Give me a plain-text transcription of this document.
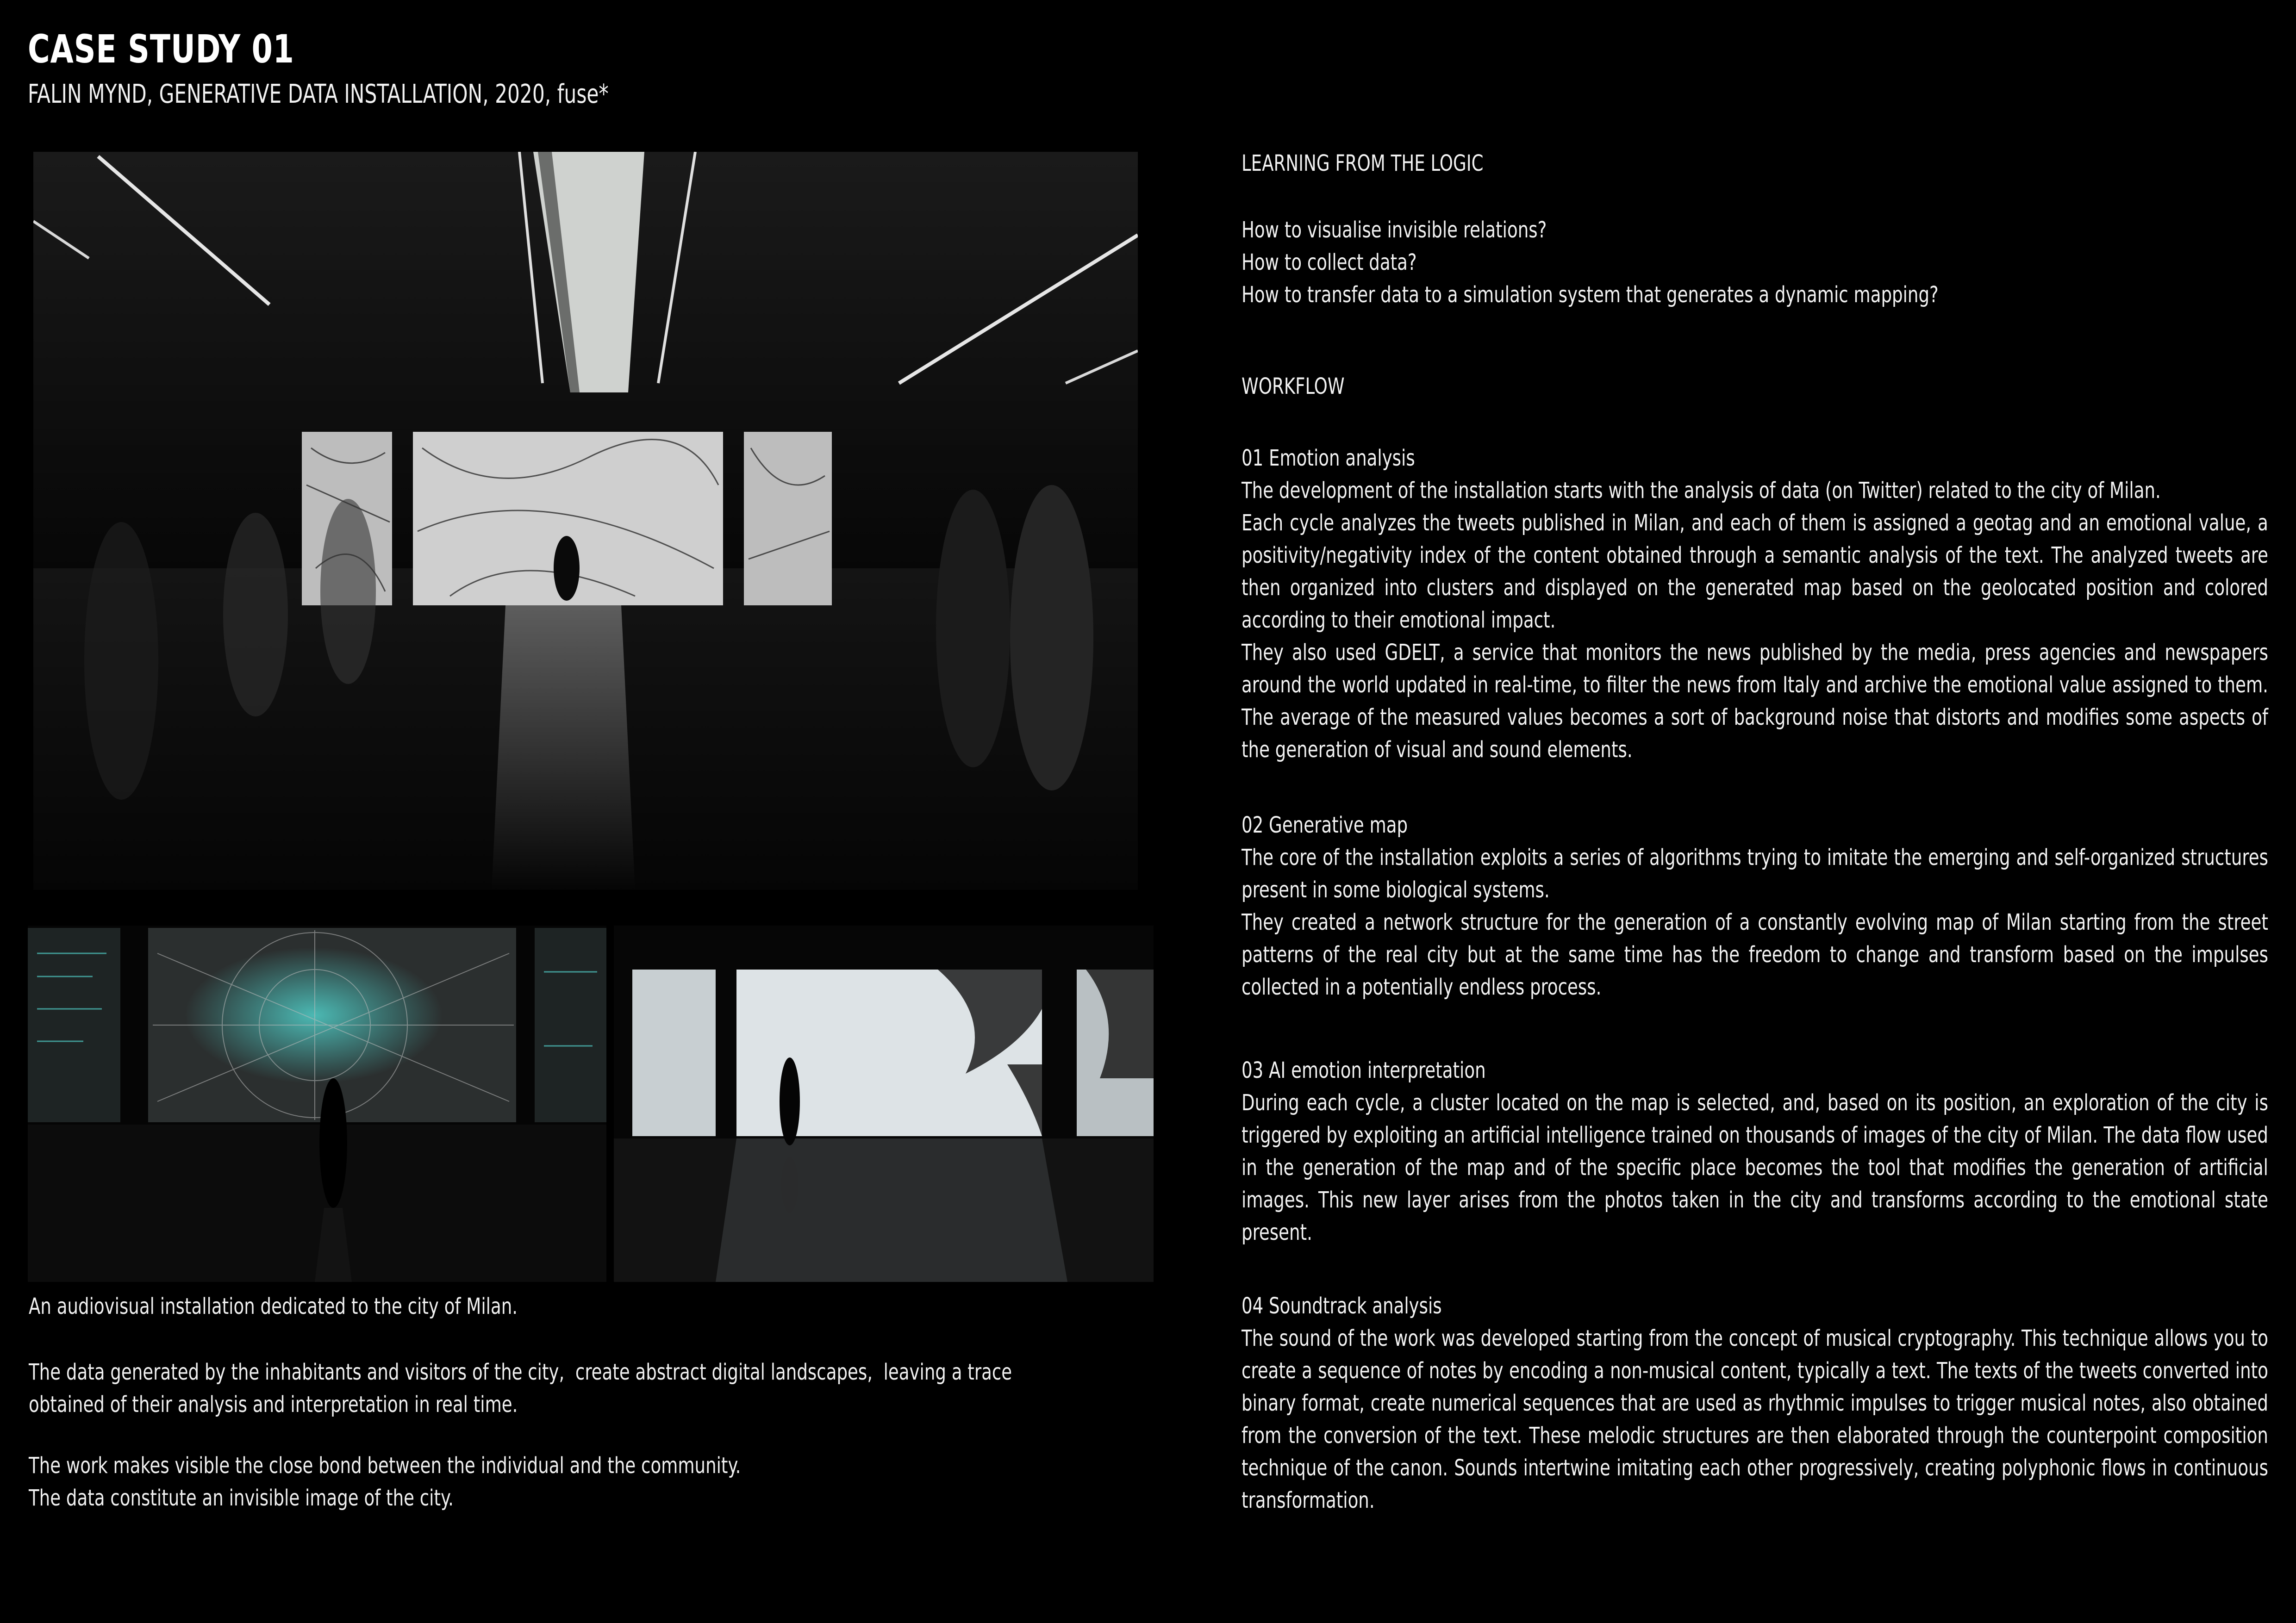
CASE STUDY 01
FALIN MYND, GENERATIVE DATA INSTALLATION, 2020, fuse*

An audiovisual installation dedicated to the city of Milan.

The data generated by the inhabitants and visitors of the city,  create abstract digital landscapes,  leaving a trace

obtained of their analysis and interpretation in real time.

The work makes visible the close bond between the individual and the community.

The data constitute an invisible image of the city.

LEARNING FROM THE LOGIC

How to visualise invisible relations?

How to collect data?

How to transfer data to a simulation system that generates a dynamic mapping?

WORKFLOW

01 Emotion analysis

The development of the installation starts with the analysis of data (on Twitter) related to the city of Milan.

Each cycle analyzes the tweets published in Milan, and each of them is assigned a geotag and an emotional value, a positivity/negativity index of the content obtained through a semantic analysis of the text. The analyzed tweets are then organized into clusters and displayed on the generated map based on the geolocated position and colored according to their emotional impact.

They also used GDELT, a service that monitors the news published by the media, press agencies and newspapers around the world updated in real-time, to filter the news from Italy and archive the emotional value assigned to them. The average of the measured values becomes a sort of background noise that distorts and modifies some aspects of the generation of visual and sound elements.

02 Generative map

The core of the installation exploits a series of algorithms trying to imitate the emerging and self-organized structures present in some biological systems.

They created a network structure for the generation of a constantly evolving map of Milan starting from the street patterns of the real city but at the same time has the freedom to change and transform based on the impulses collected in a potentially endless process.

03 AI emotion interpretation

During each cycle, a cluster located on the map is selected, and, based on its position, an exploration of the city is triggered by exploiting an artificial intelligence trained on thousands of images of the city of Milan. The data flow used in the generation of the map and of the specific place becomes the tool that modifies the generation of artificial images. This new layer arises from the photos taken in the city and transforms according to the emotional state present.

04 Soundtrack analysis

The sound of the work was developed starting from the concept of musical cryptography. This technique allows you to create a sequence of notes by encoding a non-musical content, typically a text. The texts of the tweets converted into binary format, create numerical sequences that are used as rhythmic impulses to trigger musical notes, also obtained from the conversion of the text. These melodic structures are then elaborated through the counterpoint composition technique of the canon. Sounds intertwine imitating each other progressively, creating polyphonic flows in continuous transformation.
